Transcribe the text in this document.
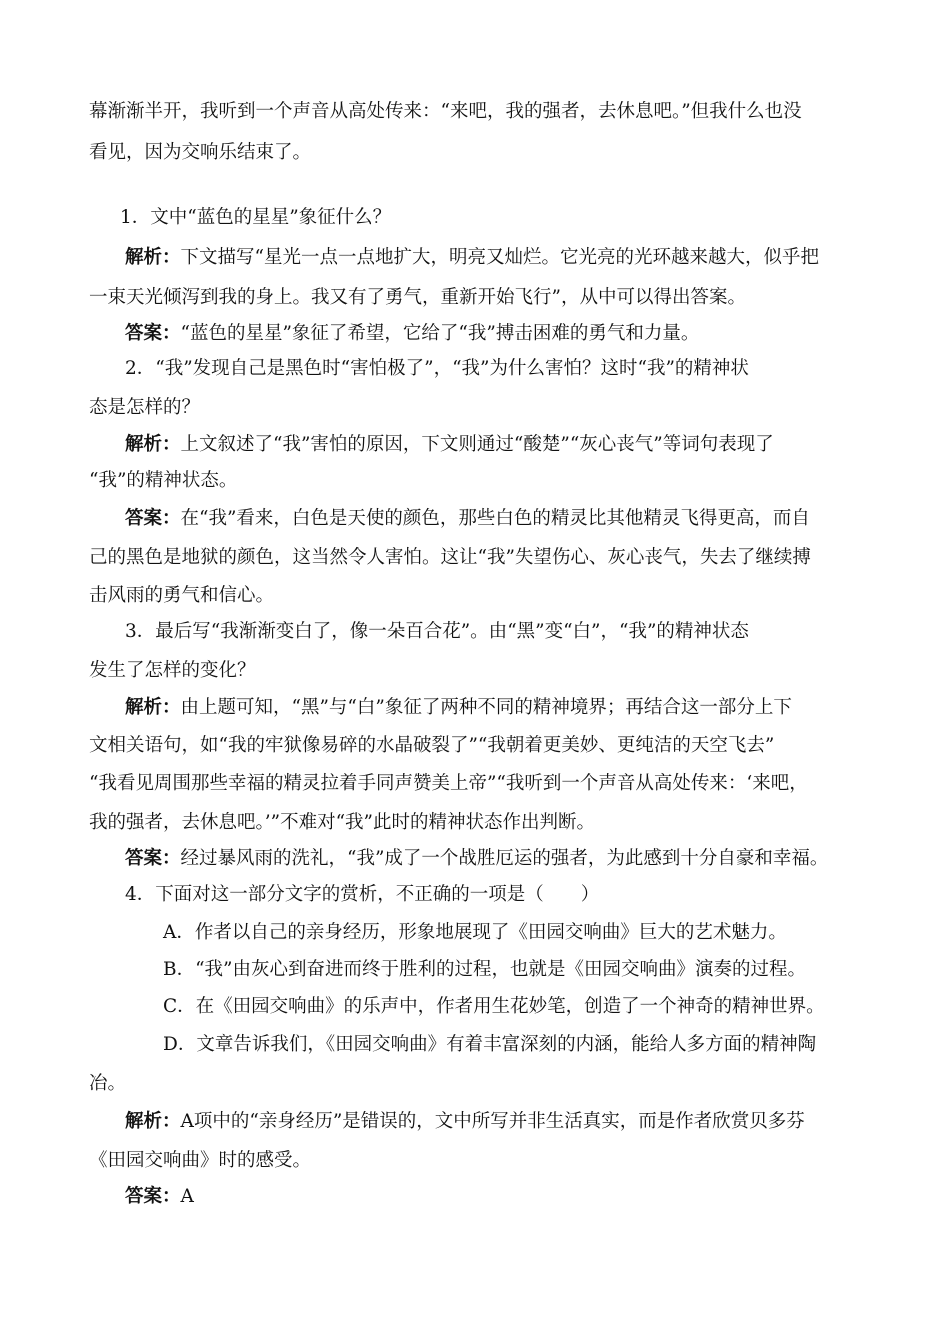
幕渐渐半开，我听到一个声音从高处传来：“来吧，我的强者，去休息吧。”但我什么也没
看见，因为交响乐结束了。
1．文中“蓝色的星星”象征什么？
解析：下文描写“星光一点一点地扩大，明亮又灿烂。它光亮的光环越来越大，似乎把
一束天光倾泻到我的身上。我又有了勇气，重新开始飞行”，从中可以得出答案。
答案：“蓝色的星星”象征了希望，它给了“我”搏击困难的勇气和力量。
2．“我”发现自己是黑色时“害怕极了”，“我”为什么害怕？这时“我”的精神状
态是怎样的？
解析：上文叙述了“我”害怕的原因，下文则通过“酸楚”“灰心丧气”等词句表现了
“我”的精神状态。
答案：在“我”看来，白色是天使的颜色，那些白色的精灵比其他精灵飞得更高，而自
己的黑色是地狱的颜色，这当然令人害怕。这让“我”失望伤心、灰心丧气，失去了继续搏
击风雨的勇气和信心。
3．最后写“我渐渐变白了，像一朵百合花”。由“黑”变“白”，“我”的精神状态
发生了怎样的变化？
解析：由上题可知，“黑”与“白”象征了两种不同的精神境界；再结合这一部分上下
文相关语句，如“我的牢狱像易碎的水晶破裂了”“我朝着更美妙、更纯洁的天空飞去”
“我看见周围那些幸福的精灵拉着手同声赞美上帝”“我听到一个声音从高处传来：‘来吧，
我的强者，去休息吧。’”不难对“我”此时的精神状态作出判断。
答案：经过暴风雨的洗礼，“我”成了一个战胜厄运的强者，为此感到十分自豪和幸福。
4．下面对这一部分文字的赏析，不正确的一项是（　　）
A．作者以自己的亲身经历，形象地展现了《田园交响曲》巨大的艺术魅力。
B．“我”由灰心到奋进而终于胜利的过程，也就是《田园交响曲》演奏的过程。
C．在《田园交响曲》的乐声中，作者用生花妙笔，创造了一个神奇的精神世界。
D．文章告诉我们，《田园交响曲》有着丰富深刻的内涵，能给人多方面的精神陶
冶。
解析：A项中的“亲身经历”是错误的，文中所写并非生活真实，而是作者欣赏贝多芬
《田园交响曲》时的感受。
答案：A
